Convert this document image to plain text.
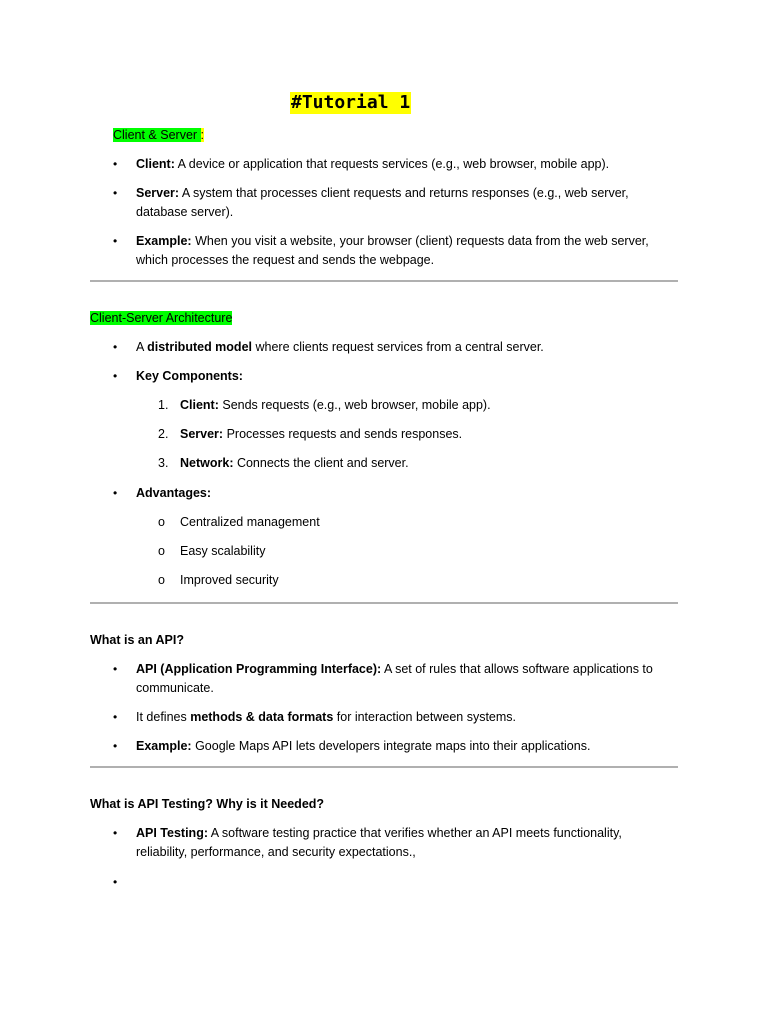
#Tutorial 1
Client & Server :
• Client: A device or application that requests services (e.g., web browser, mobile app).
• Server: A system that processes client requests and returns responses (e.g., web server, database server).
• Example: When you visit a website, your browser (client) requests data from the web server, which processes the request and sends the webpage.
Client-Server Architecture
• A distributed model where clients request services from a central server.
• Key Components:
1. Client: Sends requests (e.g., web browser, mobile app).
2. Server: Processes requests and sends responses.
3. Network: Connects the client and server.
• Advantages:
o Centralized management
o Easy scalability
o Improved security
What is an API?
• API (Application Programming Interface): A set of rules that allows software applications to communicate.
• It defines methods & data formats for interaction between systems.
• Example: Google Maps API lets developers integrate maps into their applications.
What is API Testing? Why is it Needed?
• API Testing: A software testing practice that verifies whether an API meets functionality, reliability, performance, and security expectations.,
•
